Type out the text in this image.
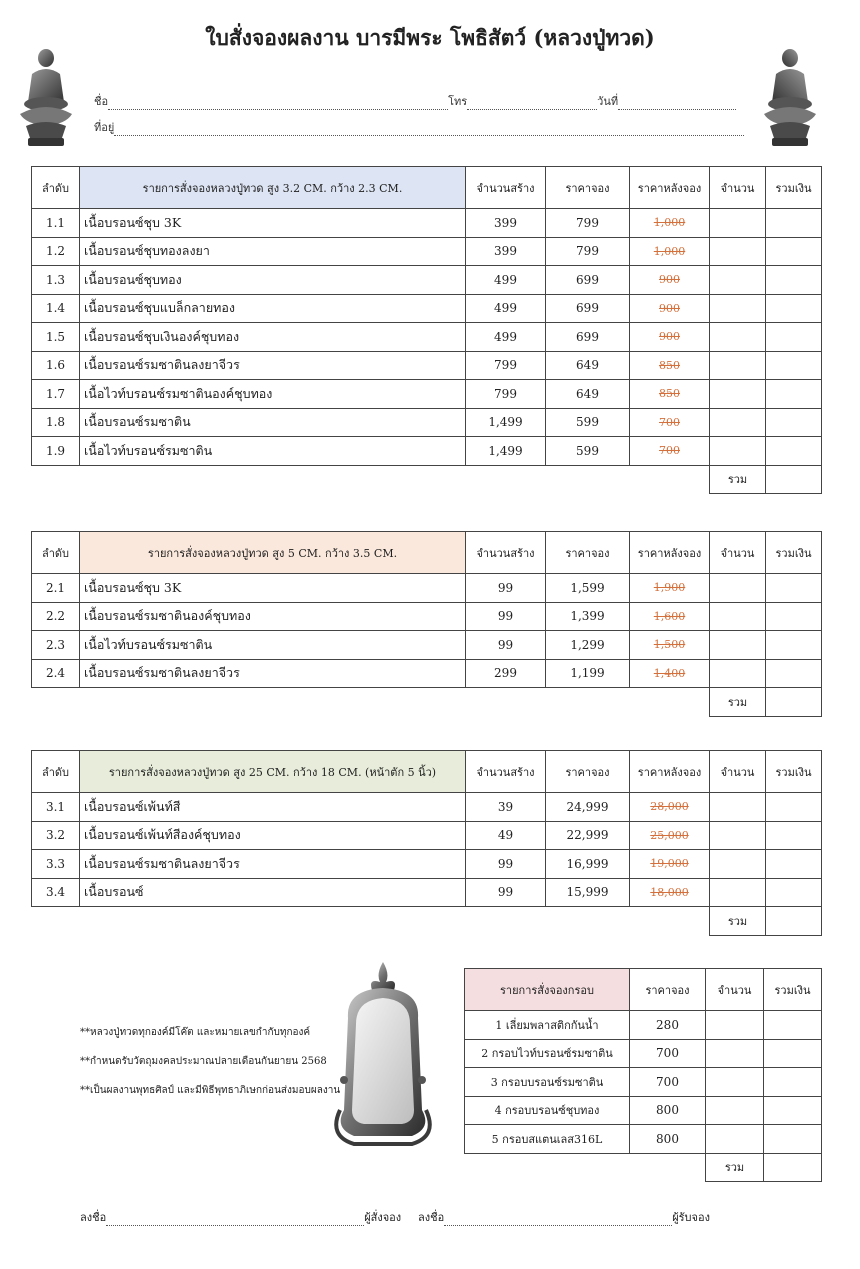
ใบสั่งจองผลงาน บารมีพระ โพธิสัตว์ (หลวงปู่ทวด)
ชื่อ	โทร	วันที่
ที่อยู่
ลำดับ	รายการสั่งจองหลวงปู่ทวด สูง 3.2 CM. กว้าง 2.3 CM.	จำนวนสร้าง	ราคาจอง	ราคาหลังจอง	จำนวน	รวมเงิน
1.1	เนื้อบรอนซ์ชุบ 3K	399	799	1,000		
1.2	เนื้อบรอนซ์ชุบทองลงยา	399	799	1,000		
1.3	เนื้อบรอนซ์ชุบทอง	499	699	900		
1.4	เนื้อบรอนซ์ชุบแบล็กลายทอง	499	699	900		
1.5	เนื้อบรอนซ์ชุบเงินองค์ชุบทอง	499	699	900		
1.6	เนื้อบรอนซ์รมซาตินลงยาจีวร	799	649	850		
1.7	เนื้อไวท์บรอนซ์รมซาตินองค์ชุบทอง	799	649	850		
1.8	เนื้อบรอนซ์รมซาติน	1,499	599	700		
1.9	เนื้อไวท์บรอนซ์รมซาติน	1,499	599	700		
					รวม	
ลำดับ	รายการสั่งจองหลวงปู่ทวด สูง 5 CM. กว้าง 3.5 CM.	จำนวนสร้าง	ราคาจอง	ราคาหลังจอง	จำนวน	รวมเงิน
2.1	เนื้อบรอนซ์ชุบ 3K	99	1,599	1,900		
2.2	เนื้อบรอนซ์รมซาตินองค์ชุบทอง	99	1,399	1,600		
2.3	เนื้อไวท์บรอนซ์รมซาติน	99	1,299	1,500		
2.4	เนื้อบรอนซ์รมซาตินลงยาจีวร	299	1,199	1,400		
					รวม	
ลำดับ	รายการสั่งจองหลวงปู่ทวด สูง 25 CM. กว้าง 18 CM. (หน้าตัก 5 นิ้ว)	จำนวนสร้าง	ราคาจอง	ราคาหลังจอง	จำนวน	รวมเงิน
3.1	เนื้อบรอนซ์เพ้นท์สี	39	24,999	28,000		
3.2	เนื้อบรอนซ์เพ้นท์สีองค์ชุบทอง	49	22,999	25,000		
3.3	เนื้อบรอนซ์รมซาตินลงยาจีวร	99	16,999	19,000		
3.4	เนื้อบรอนซ์	99	15,999	18,000		
					รวม	
**หลวงปู่ทวดทุกองค์มีโค๊ต และหมายเลขกำกับทุกองค์
**กำหนดรับวัตถุมงคลประมาณปลายเดือนกันยายน 2568
**เป็นผลงานพุทธศิลป์ และมีพิธีพุทธาภิเษกก่อนส่งมอบผลงาน
รายการสั่งจองกรอบ	ราคาจอง	จำนวน	รวมเงิน
1 เลี่ยมพลาสติกกันน้ำ	280		
2 กรอบไวท์บรอนซ์รมซาติน	700		
3 กรอบบรอนซ์รมซาติน	700		
4 กรอบบรอนซ์ชุบทอง	800		
5 กรอบสแตนเลส316L	800		
		รวม	
ลงชื่อ	ผู้สั่งจอง ลงชื่อ	ผู้รับจอง
